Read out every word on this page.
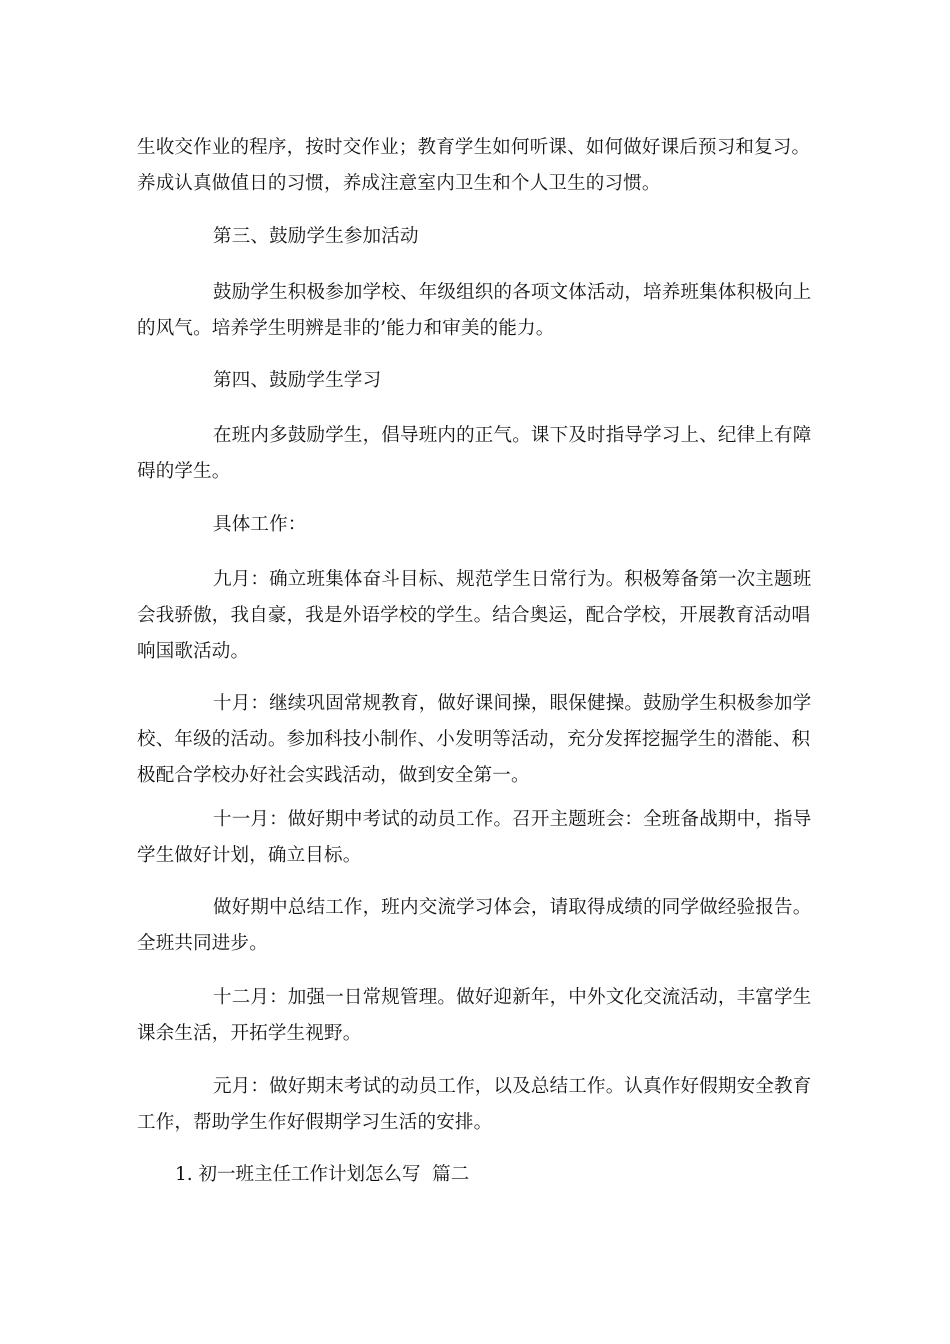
生收交作业的程序，按时交作业；教育学生如何听课、如何做好课后预习和复习。养成认真做值日的习惯，养成注意室内卫生和个人卫生的习惯。

第三、鼓励学生参加活动

鼓励学生积极参加学校、年级组织的各项文体活动，培养班集体积极向上的风气。培养学生明辨是非的’能力和审美的能力。

第四、鼓励学生学习

在班内多鼓励学生，倡导班内的正气。课下及时指导学习上、纪律上有障碍的学生。

具体工作：

九月：确立班集体奋斗目标、规范学生日常行为。积极筹备第一次主题班会我骄傲，我自豪，我是外语学校的学生。结合奥运，配合学校，开展教育活动唱响国歌活动。

十月：继续巩固常规教育，做好课间操，眼保健操。鼓励学生积极参加学校、年级的活动。参加科技小制作、小发明等活动，充分发挥挖掘学生的潜能、积极配合学校办好社会实践活动，做到安全第一。

十一月：做好期中考试的动员工作。召开主题班会：全班备战期中，指导学生做好计划，确立目标。

做好期中总结工作，班内交流学习体会，请取得成绩的同学做经验报告。全班共同进步。

十二月：加强一日常规管理。做好迎新年，中外文化交流活动，丰富学生课余生活，开拓学生视野。

元月：做好期末考试的动员工作，以及总结工作。认真作好假期安全教育工作，帮助学生作好假期学习生活的安排。

1. 初一班主任工作计划怎么写  篇二
